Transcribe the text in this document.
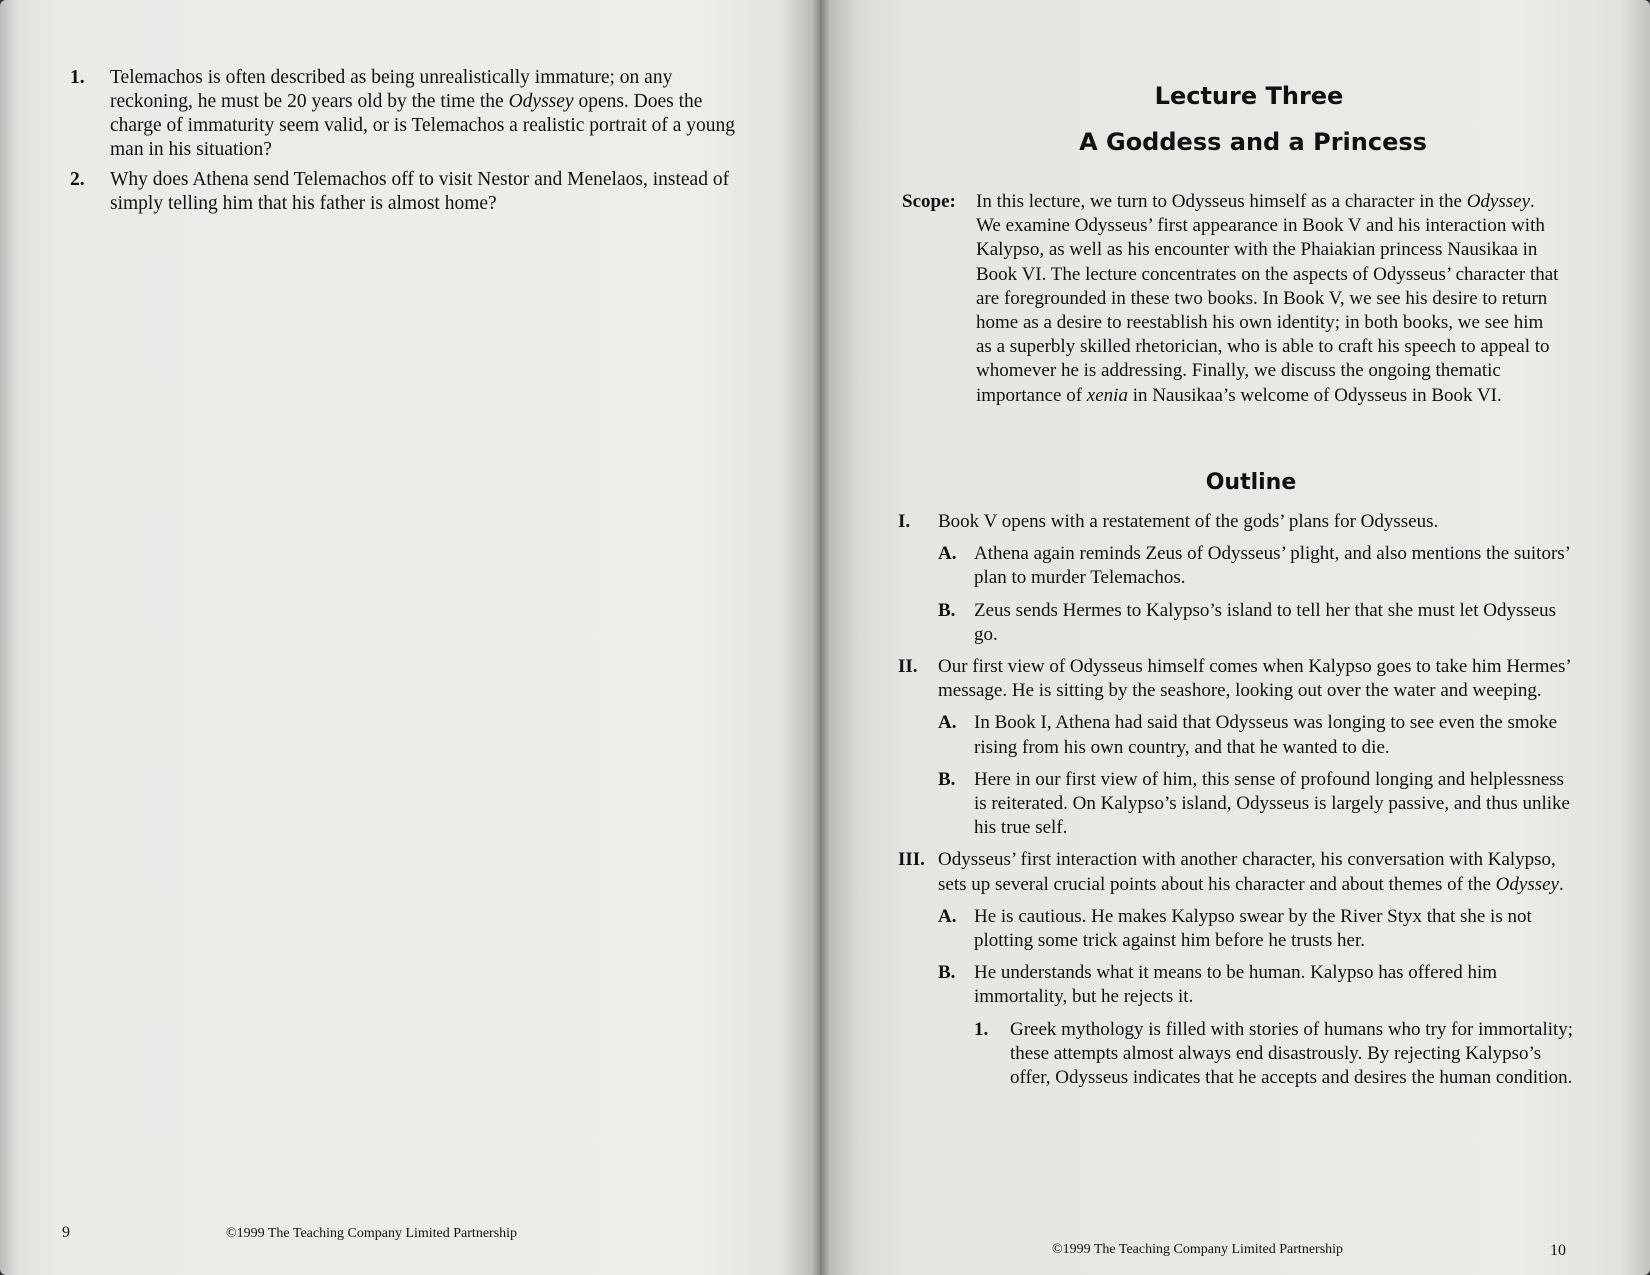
1.	Telemachos is often described as being unrealistically immature; on any reckoning, he must be 20 years old by the time the Odyssey opens. Does the charge of immaturity seem valid, or is Telemachos a realistic portrait of a young man in his situation?
2.	Why does Athena send Telemachos off to visit Nestor and Menelaos, instead of simply telling him that his father is almost home?
9	©1999 The Teaching Company Limited Partnership
Lecture Three
A Goddess and a Princess
Scope:	In this lecture, we turn to Odysseus himself as a character in the Odyssey. We examine Odysseus’ first appearance in Book V and his interaction with Kalypso, as well as his encounter with the Phaiakian princess Nausikaa in Book VI. The lecture concentrates on the aspects of Odysseus’ character that are foregrounded in these two books. In Book V, we see his desire to return home as a desire to reestablish his own identity; in both books, we see him as a superbly skilled rhetorician, who is able to craft his speech to appeal to whomever he is addressing. Finally, we discuss the ongoing thematic importance of xenia in Nausikaa’s welcome of Odysseus in Book VI.
Outline
I.	Book V opens with a restatement of the gods’ plans for Odysseus.
A. Athena again reminds Zeus of Odysseus’ plight, and also mentions the suitors’ plan to murder Telemachos.
B. Zeus sends Hermes to Kalypso’s island to tell her that she must let Odysseus go.
II.	Our first view of Odysseus himself comes when Kalypso goes to take him Hermes’ message. He is sitting by the seashore, looking out over the water and weeping.
A. In Book I, Athena had said that Odysseus was longing to see even the smoke rising from his own country, and that he wanted to die.
B. Here in our first view of him, this sense of profound longing and helplessness is reiterated. On Kalypso’s island, Odysseus is largely passive, and thus unlike his true self.
III. Odysseus’ first interaction with another character, his conversation with Kalypso, sets up several crucial points about his character and about themes of the Odyssey.
A. He is cautious. He makes Kalypso swear by the River Styx that she is not plotting some trick against him before he trusts her.
B. He understands what it means to be human. Kalypso has offered him immortality, but he rejects it.
1.	Greek mythology is filled with stories of humans who try for immortality; these attempts almost always end disastrously. By rejecting Kalypso’s offer, Odysseus indicates that he accepts and desires the human condition.
©1999 The Teaching Company Limited Partnership	10
